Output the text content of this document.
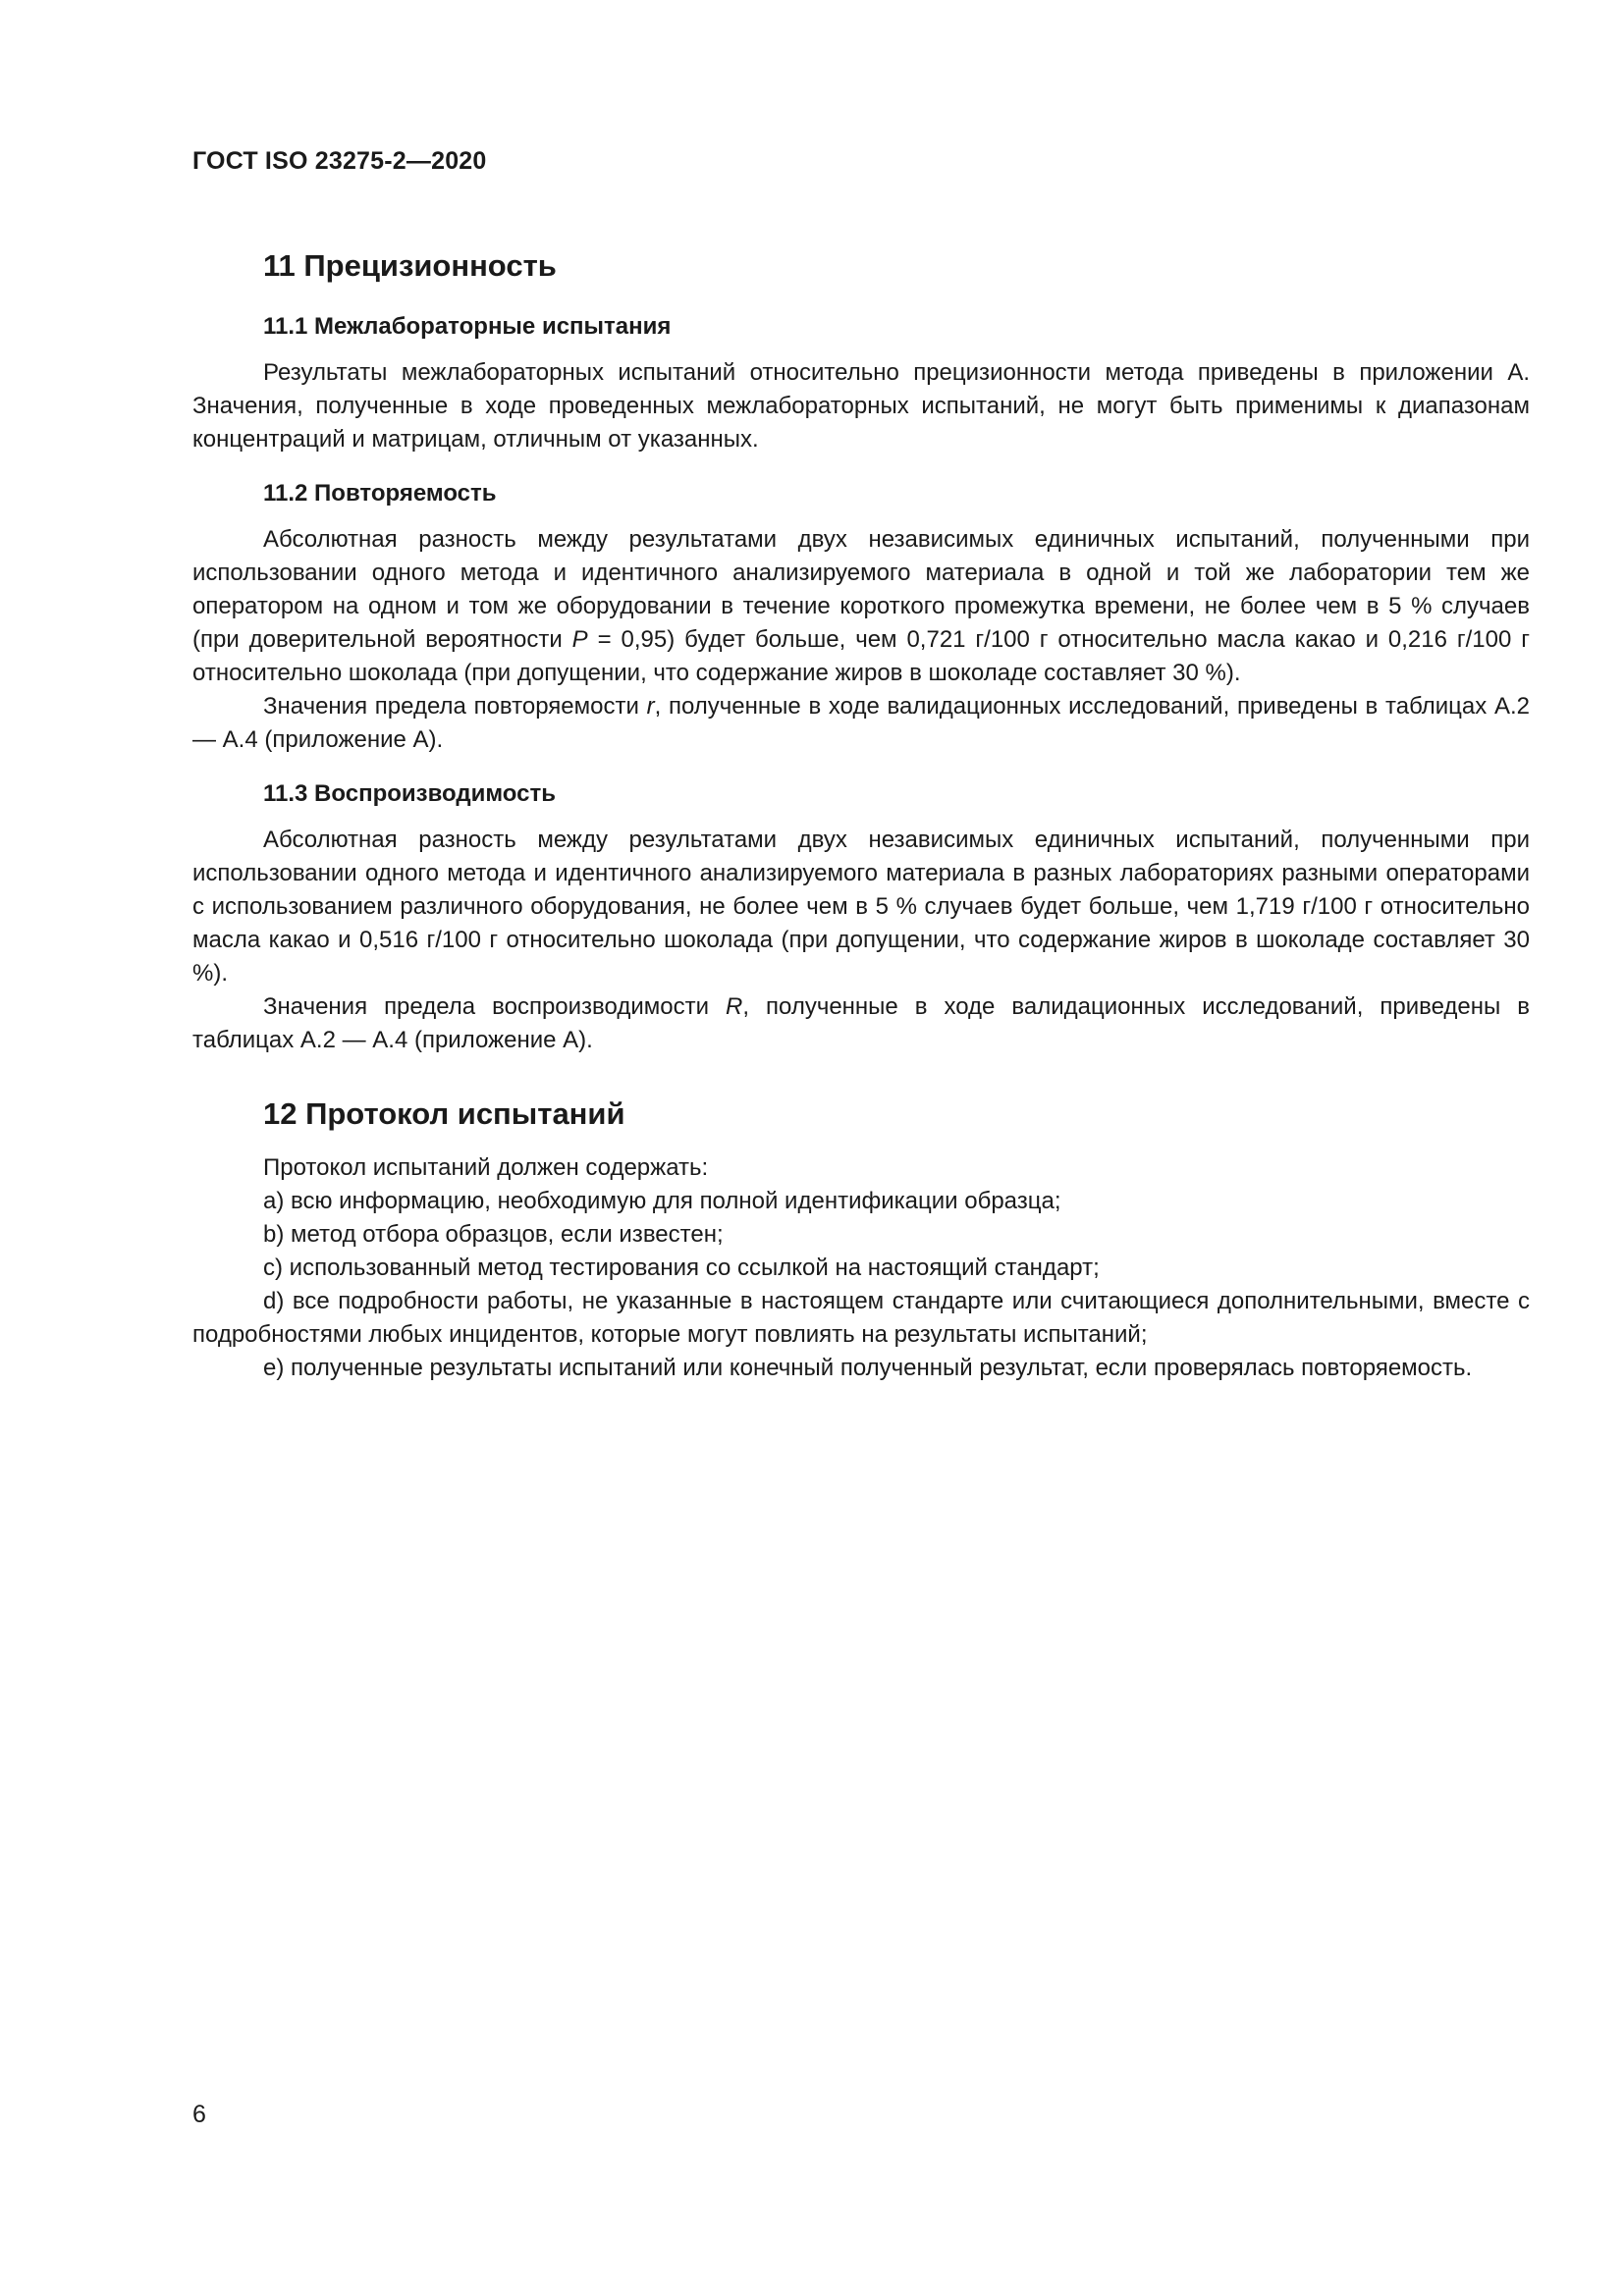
ГОСТ ISO 23275-2—2020

11 Прецизионность
11.1 Межлабораторные испытания

Результаты межлабораторных испытаний относительно прецизионности метода приведены в приложении А. Значения, полученные в ходе проведенных межлабораторных испытаний, не могут быть применимы к диапазонам концентраций и матрицам, отличным от указанных.

11.2 Повторяемость

Абсолютная разность между результатами двух независимых единичных испытаний, полученными при использовании одного метода и идентичного анализируемого материала в одной и той же лаборатории тем же оператором на одном и том же оборудовании в течение короткого промежутка времени, не более чем в 5 % случаев (при доверительной вероятности P = 0,95) будет больше, чем 0,721 г/100 г относительно масла какао и 0,216 г/100 г относительно шоколада (при допущении, что содержание жиров в шоколаде составляет 30 %).

Значения предела повторяемости r, полученные в ходе валидационных исследований, приведены в таблицах А.2 — А.4 (приложение А).

11.3 Воспроизводимость

Абсолютная разность между результатами двух независимых единичных испытаний, полученными при использовании одного метода и идентичного анализируемого материала в разных лабораториях разными операторами с использованием различного оборудования, не более чем в 5 % случаев будет больше, чем 1,719 г/100 г относительно масла какао и 0,516 г/100 г относительно шоколада (при допущении, что содержание жиров в шоколаде составляет 30 %).

Значения предела воспроизводимости R, полученные в ходе валидационных исследований, приведены в таблицах А.2 — А.4 (приложение А).

12 Протокол испытаний

Протокол испытаний должен содержать:

a) всю информацию, необходимую для полной идентификации образца;

b) метод отбора образцов, если известен;

c) использованный метод тестирования со ссылкой на настоящий стандарт;

d) все подробности работы, не указанные в настоящем стандарте или считающиеся дополнительными, вместе с подробностями любых инцидентов, которые могут повлиять на результаты испытаний;

e) полученные результаты испытаний или конечный полученный результат, если проверялась повторяемость.

6
